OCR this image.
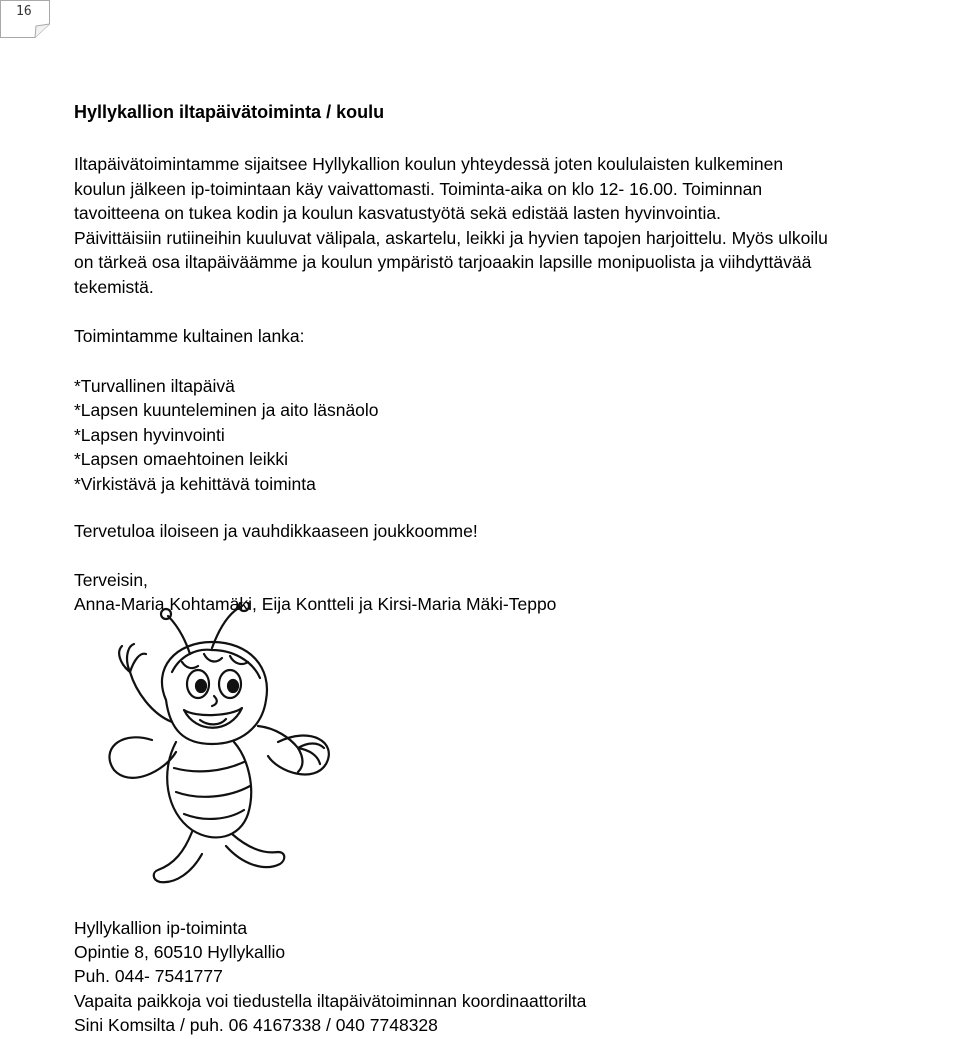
16

Hyllykallion iltapäivätoiminta / koulu

Iltapäivätoimintamme sijaitsee Hyllykallion koulun yhteydessä joten koululaisten kulkeminen
koulun jälkeen ip-toimintaan käy vaivattomasti. Toiminta-aika on klo 12- 16.00. Toiminnan
tavoitteena on tukea kodin ja koulun kasvatustyötä sekä edistää lasten hyvinvointia.
Päivittäisiin rutiineihin kuuluvat välipala, askartelu, leikki ja hyvien tapojen harjoittelu. Myös ulkoilu
on tärkeä osa iltapäiväämme ja koulun ympäristö tarjoaakin lapsille monipuolista ja viihdyttävää
tekemistä.

Toimintamme kultainen lanka:

*Turvallinen iltapäivä
*Lapsen kuunteleminen ja aito läsnäolo
*Lapsen hyvinvointi
*Lapsen omaehtoinen leikki
*Virkistävä ja kehittävä toiminta

Tervetuloa iloiseen ja vauhdikkaaseen joukkoomme!

Terveisin,

Anna-Maria Kohtamäki, Eija Kontteli ja Kirsi-Maria Mäki-Teppo

Hyllykallion ip-toiminta
Opintie 8, 60510 Hyllykallio
Puh. 044- 7541777
Vapaita paikkoja voi tiedustella iltapäivätoiminnan koordinaattorilta
Sini Komsilta / puh. 06 4167338 / 040 7748328
